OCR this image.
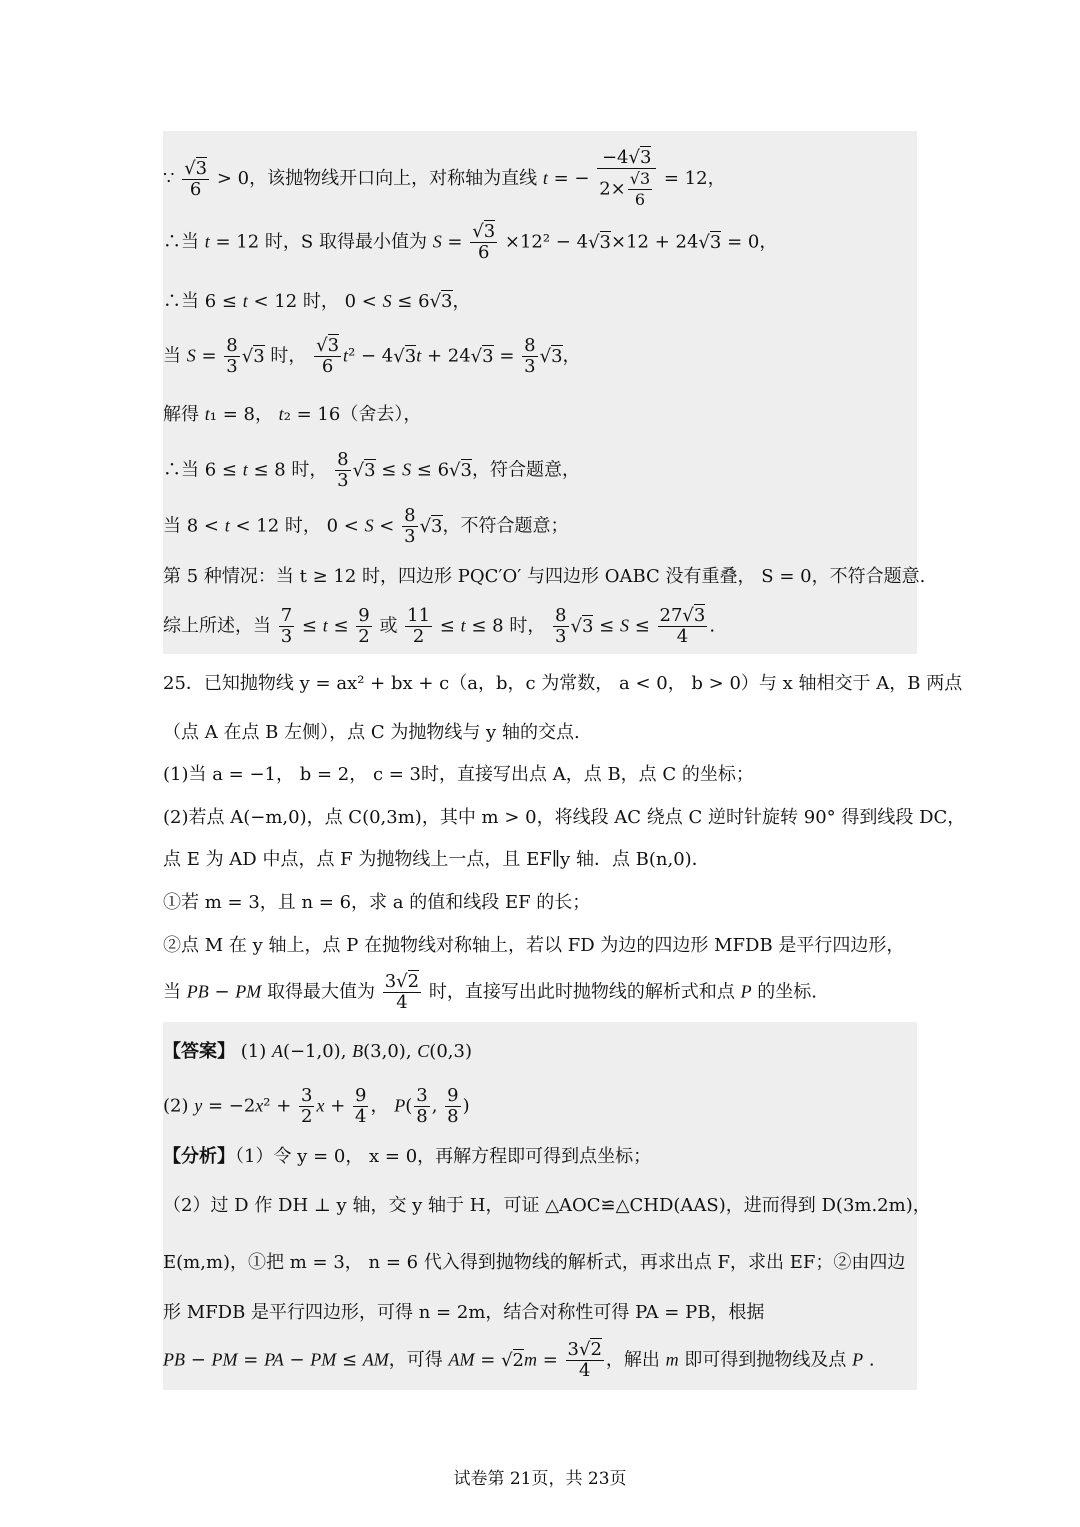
∵
√ $\frac{3}{6} > 0$，该抛物线开口向上，对称轴为直线 t = − −4√ 3
2×
√ $\frac{3}{6} = 12$，
∴当 t = 12 时，S 取得最小值为 S =
√ $\frac{3}{6} \times 12^2 - 4√$ 3×12 + 24√ 3 = 0，
∴当 6 ≤ t < 12 时， 0 < S ≤ 6√ 3，
当 $S = \frac{8}{3}$
√ 3 时，
√ $\frac{3}{6} t^2 - 4√$ 3t + 24√ $3 = \frac{8}{3}$
√ 3，
解得 t₁ = 8， t₂ = 16（舍去），
∴当 6 ≤ t ≤ 8 时， $\frac{8}{3}$
√ 3 ≤ S ≤ 6√ 3，符合题意，
当 8 < t < 12 时， $0 < S < \frac{8}{3}$
√ 3，不符合题意；
第 5 种情况：当 t ≥ 12 时，四边形 PQC′O′ 与四边形 OABC 没有重叠， S = 0，不符合题意.
综上所述，当 $\frac{7}{3} \le t \le \frac{9}{2}$ 或 $\frac{11}{2} \le t \le 8$ 时， $\frac{8}{3}$
√ $3 \le S \le \frac{27√ 3}{4}$ .
25．已知抛物线 y = ax² + bx + c（a，b，c 为常数， a < 0， b > 0）与 x 轴相交于 A，B 两点
（点 A 在点 B 左侧），点 C 为抛物线与 y 轴的交点.
(1)当 a = −1， b = 2， c = 3时，直接写出点 A，点 B，点 C 的坐标；
(2)若点 A(−m,0)，点 C(0,3m)，其中 m > 0，将线段 AC 绕点 C 逆时针旋转 90° 得到线段 DC，
点 E 为 AD 中点，点 F 为抛物线上一点，且 EF∥y 轴．点 B(n,0)．
①若 m = 3，且 n = 6，求 a 的值和线段 EF 的长；
②点 M 在 y 轴上，点 P 在抛物线对称轴上，若以 FD 为边的四边形 MFDB 是平行四边形，
当 PB − PM 取得最大值为 $\frac{3√ 2}{4}$ 时，直接写出此时抛物线的解析式和点 P 的坐标.
【答案】 (1) A(−1,0), B(3,0), C(0,3)
(2) $y = -2x^2 + \frac{3}{2}$ $x + \frac{9}{4}$ ， $P( \frac{3}{8}$ , $\frac{9}{8}$ )
【分析】（1）令 y = 0， x = 0，再解方程即可得到点坐标；
（2）过 D 作 DH ⊥ y 轴，交 y 轴于 H，可证 △AOC≌△CHD(AAS)，进而得到 D(3m.2m)，
E(m,m)，①把 m = 3， n = 6 代入得到抛物线的解析式，再求出点 F，求出 EF；②由四边
形 MFDB 是平行四边形，可得 n = 2m，结合对称性可得 PA = PB，根据
PB − PM = PA − PM ≤ AM，可得 AM = √ $2m = \frac{3√ 2}{4}$ ，解出 m 即可得到抛物线及点 P .
试卷第 21页，共 23页
